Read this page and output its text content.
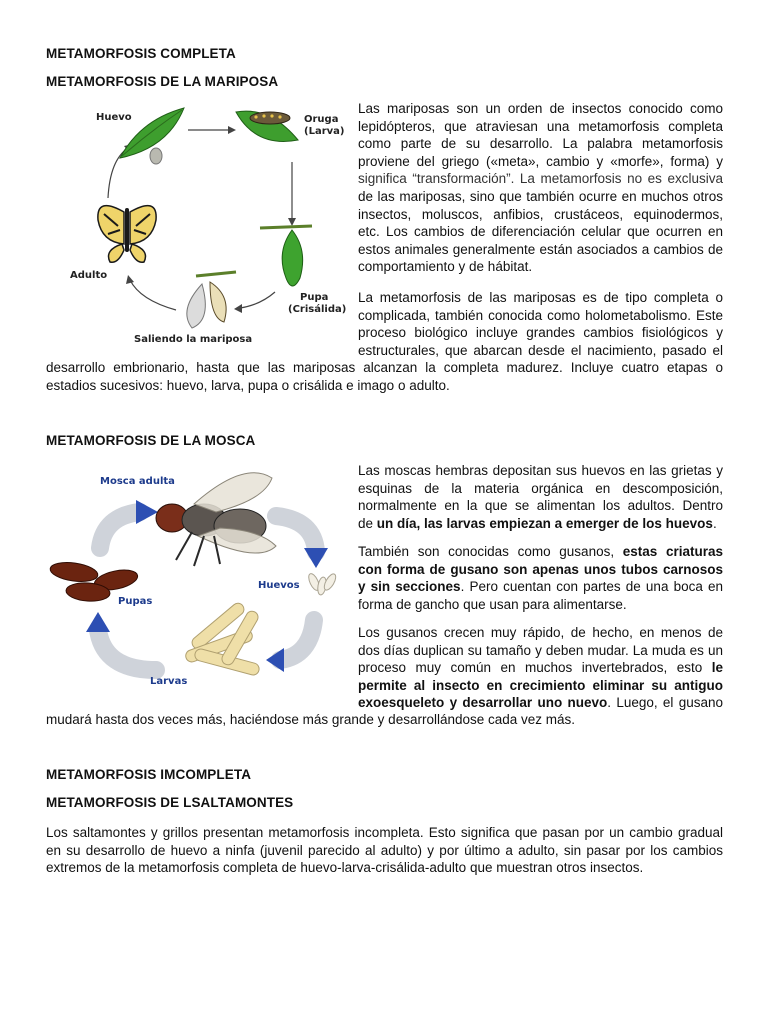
METAMORFOSIS COMPLETA
METAMORFOSIS DE LA MARIPOSA
Huevo	Oruga
(Larva)
Pupa
(Crisálida)
Saliendo la mariposa
Adulto
Las mariposas son un orden de insectos conocido como
lepidópteros, que atraviesan una metamorfosis completa
como parte de su desarrollo. La palabra metamorfosis
proviene del griego («meta», cambio y «morfe», forma) y
significa “transformación”. La metamorfosis no es exclusiva
de las mariposas, sino que también ocurre en muchos otros
insectos, moluscos, anfibios, crustáceos, equinodermos,
etc. Los cambios de diferenciación celular que ocurren en
estos animales generalmente están asociados a cambios de
comportamiento y de hábitat.
La metamorfosis de las mariposas es de tipo completa o
complicada, también conocida como holometabolismo. Este
proceso biológico incluye grandes cambios fisiológicos y
estructurales, que abarcan desde el nacimiento, pasado el
desarrollo embrionario, hasta que las mariposas alcanzan la completa madurez. Incluye cuatro etapas o
estadios sucesivos: huevo, larva, pupa o crisálida e imago o adulto.
METAMORFOSIS DE LA MOSCA
Mosca adulta
Huevos
Pupas
Larvas
Las moscas hembras depositan sus huevos en las grietas y
esquinas de la materia orgánica en descomposición,
normalmente en la que se alimentan los adultos. Dentro
de un día, las larvas empiezan a emerger de los huevos.
También son conocidas como gusanos, estas criaturas
con forma de gusano son apenas unos tubos carnosos
y sin secciones. Pero cuentan con partes de una boca en
forma de gancho que usan para alimentarse.
Los gusanos crecen muy rápido, de hecho, en menos de
dos días duplican su tamaño y deben mudar. La muda es un
proceso muy común en muchos invertebrados, esto le
permite al insecto en crecimiento eliminar su antiguo
exoesqueleto y desarrollar uno nuevo. Luego, el gusano
mudará hasta dos veces más, haciéndose más grande y desarrollándose cada vez más.
METAMORFOSIS IMCOMPLETA
METAMORFOSIS DE LSALTAMONTES
Los saltamontes y grillos presentan metamorfosis incompleta. Esto significa que pasan por un cambio gradual
en su desarrollo de huevo a ninfa (juvenil parecido al adulto) y por último a adulto, sin pasar por los cambios
extremos de la metamorfosis completa de huevo-larva-crisálida-adulto que muestran otros insectos.
